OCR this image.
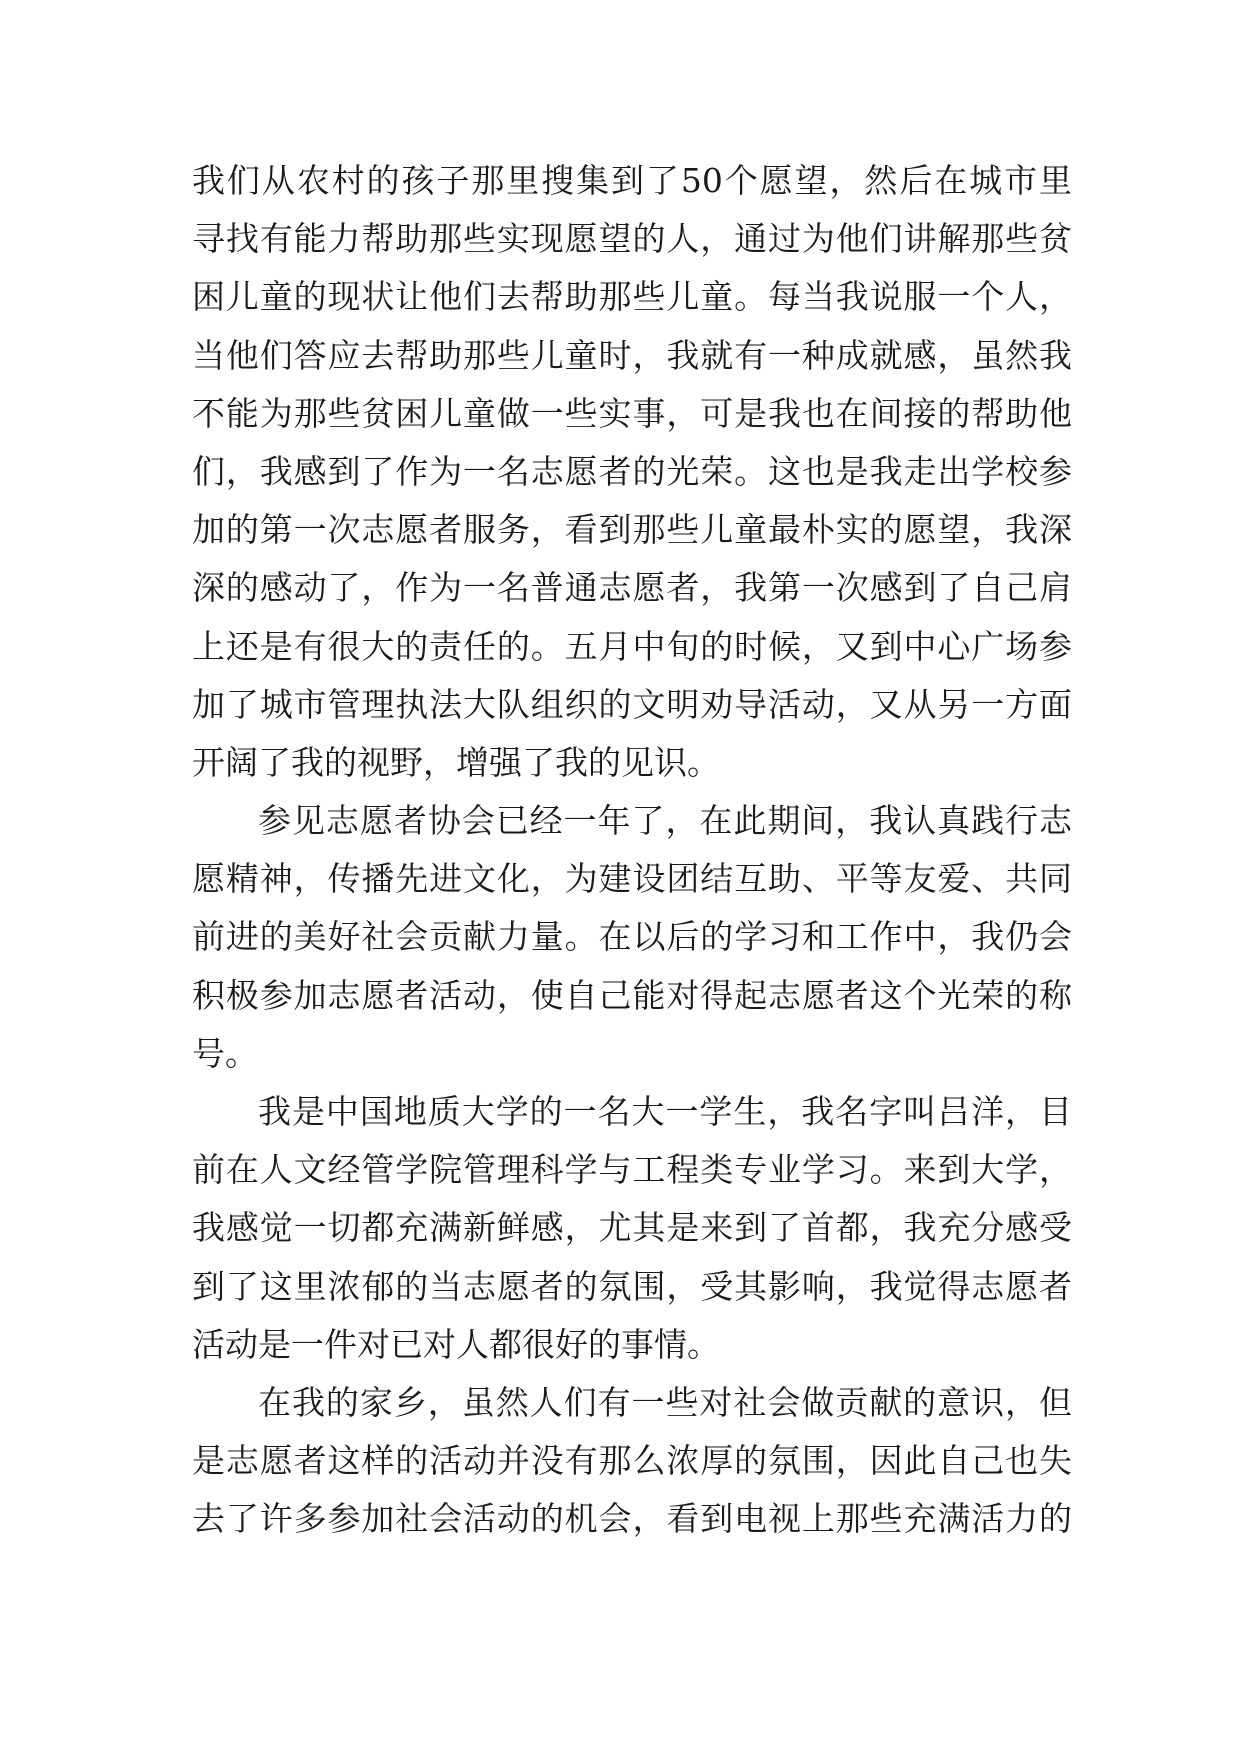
我们从农村的孩子那里搜集到了50个愿望，然后在城市里
寻找有能力帮助那些实现愿望的人，通过为他们讲解那些贫
困儿童的现状让他们去帮助那些儿童。每当我说服一个人，
当他们答应去帮助那些儿童时，我就有一种成就感，虽然我
不能为那些贫困儿童做一些实事，可是我也在间接的帮助他
们，我感到了作为一名志愿者的光荣。这也是我走出学校参
加的第一次志愿者服务，看到那些儿童最朴实的愿望，我深
深的感动了，作为一名普通志愿者，我第一次感到了自己肩
上还是有很大的责任的。五月中旬的时候，又到中心广场参
加了城市管理执法大队组织的文明劝导活动，又从另一方面
开阔了我的视野，增强了我的见识。
参见志愿者协会已经一年了，在此期间，我认真践行志
愿精神，传播先进文化，为建设团结互助、平等友爱、共同
前进的美好社会贡献力量。在以后的学习和工作中，我仍会
积极参加志愿者活动，使自己能对得起志愿者这个光荣的称
号。
我是中国地质大学的一名大一学生，我名字叫吕洋，目
前在人文经管学院管理科学与工程类专业学习。来到大学，
我感觉一切都充满新鲜感，尤其是来到了首都，我充分感受
到了这里浓郁的当志愿者的氛围，受其影响，我觉得志愿者
活动是一件对已对人都很好的事情。
在我的家乡，虽然人们有一些对社会做贡献的意识，但
是志愿者这样的活动并没有那么浓厚的氛围，因此自己也失
去了许多参加社会活动的机会，看到电视上那些充满活力的
